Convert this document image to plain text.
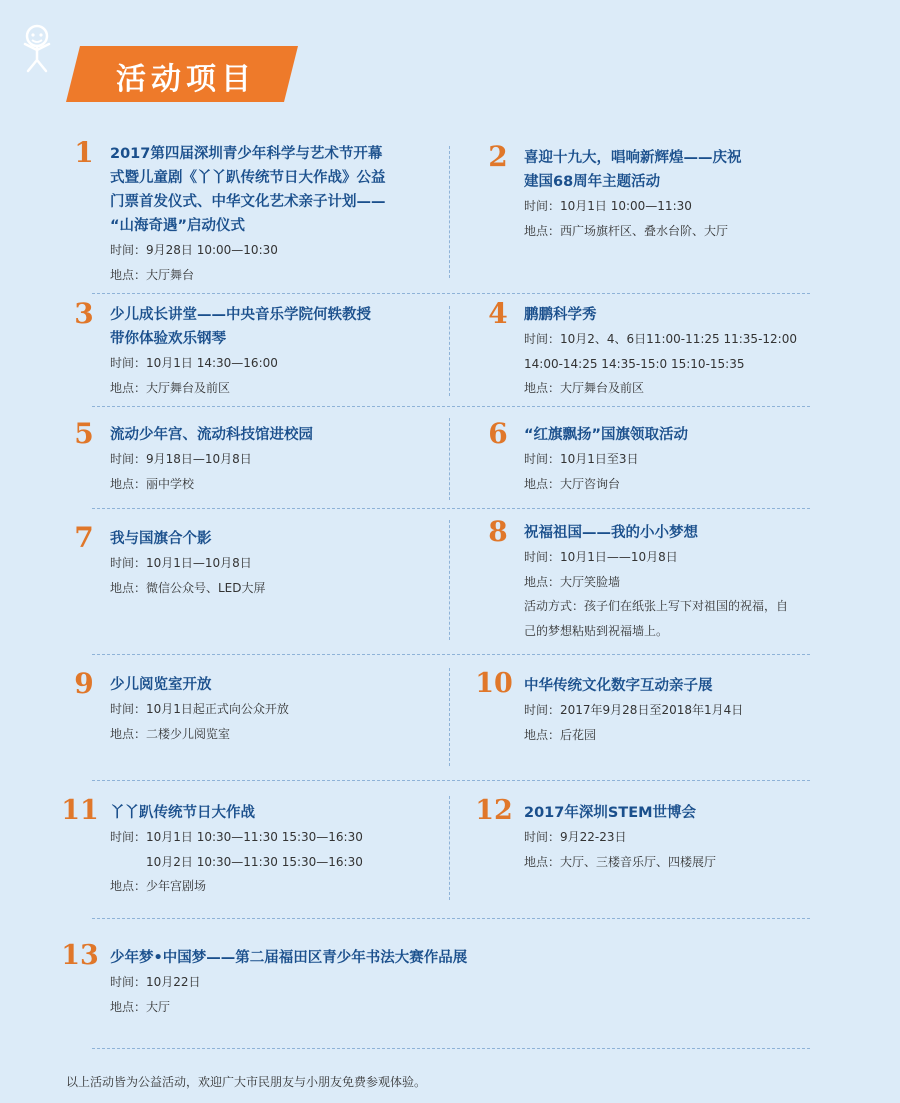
活动项目
1	2017第四届深圳青少年科学与艺术节开幕
式暨儿童剧《丫丫趴传统节日大作战》公益
门票首发仪式、中华文化艺术亲子计划——
“山海奇遇”启动仪式
时间：9月28日 10:00—10:30
地点：大厅舞台
2	喜迎十九大，唱响新辉煌——庆祝
建国68周年主题活动
时间：10月1日 10:00—11:30
地点：西广场旗杆区、叠水台阶、大厅
3	少儿成长讲堂——中央音乐学院何轶教授
带你体验欢乐钢琴
时间：10月1日 14:30—16:00
地点：大厅舞台及前区
4	鹏鹏科学秀
时间：10月2、4、6日11:00-11:25 11:35-12:00
14:00-14:25 14:35-15:0 15:10-15:35
地点：大厅舞台及前区
5	流动少年宫、流动科技馆进校园
时间：9月18日—10月8日
地点：丽中学校
6	“红旗飘扬”国旗领取活动
时间：10月1日至3日
地点：大厅咨询台
7	我与国旗合个影
时间：10月1日—10月8日
地点：微信公众号、LED大屏
8	祝福祖国——我的小小梦想
时间：10月1日——10月8日
地点：大厅笑脸墙
活动方式：孩子们在纸张上写下对祖国的祝福，自
己的梦想粘贴到祝福墙上。
9	少儿阅览室开放
时间：10月1日起正式向公众开放
地点：二楼少儿阅览室
10 中华传统文化数字互动亲子展
时间：2017年9月28日至2018年1月4日
地点：后花园
11 丫丫趴传统节日大作战
时间：10月1日 10:30—11:30 15:30—16:30
　　　10月2日 10:30—11:30 15:30—16:30
地点：少年宫剧场
12 2017年深圳STEM世博会
时间：9月22-23日
地点：大厅、三楼音乐厅、四楼展厅
13 少年梦•中国梦——第二届福田区青少年书法大赛作品展
时间：10月22日
地点：大厅
以上活动皆为公益活动，欢迎广大市民朋友与小朋友免费参观体验。
